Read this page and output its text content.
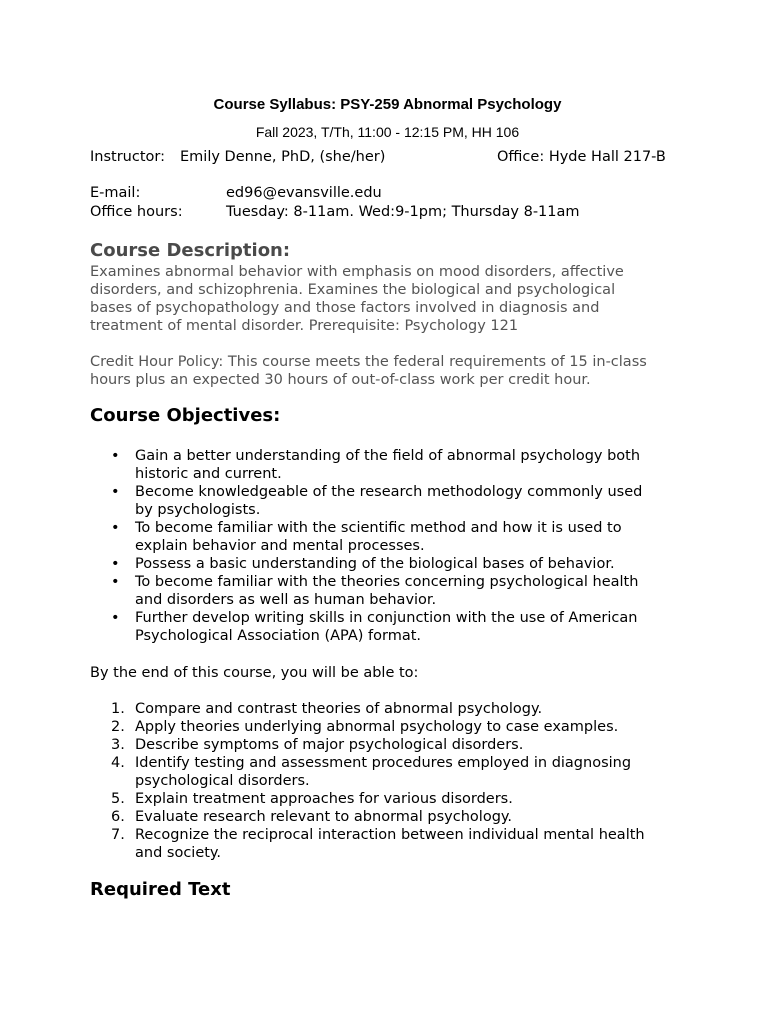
Course Syllabus: PSY-259 Abnormal Psychology
Fall 2023, T/Th, 11:00 - 12:15 PM, HH 106
Instructor: Emily Denne, PhD, (she/her)	Office: Hyde Hall 217-B
E-mail:	ed96@evansville.edu
Office hours:	Tuesday: 8-11am. Wed:9-1pm; Thursday 8-11am
Course Description:
Examines abnormal behavior with emphasis on mood disorders, affective
disorders, and schizophrenia. Examines the biological and psychological
bases of psychopathology and those factors involved in diagnosis and
treatment of mental disorder. Prerequisite: Psychology 121
Credit Hour Policy: This course meets the federal requirements of 15 in-class
hours plus an expected 30 hours of out-of-class work per credit hour.
Course Objectives:
• Gain a better understanding of the field of abnormal psychology both
historic and current.
• Become knowledgeable of the research methodology commonly used
by psychologists.
• To become familiar with the scientific method and how it is used to
explain behavior and mental processes.
• Possess a basic understanding of the biological bases of behavior.
• To become familiar with the theories concerning psychological health
and disorders as well as human behavior.
• Further develop writing skills in conjunction with the use of American
Psychological Association (APA) format.
By the end of this course, you will be able to:
1. Compare and contrast theories of abnormal psychology.
2. Apply theories underlying abnormal psychology to case examples.
3. Describe symptoms of major psychological disorders.
4. Identify testing and assessment procedures employed in diagnosing
psychological disorders.
5. Explain treatment approaches for various disorders.
6. Evaluate research relevant to abnormal psychology.
7. Recognize the reciprocal interaction between individual mental health
and society.
Required Text
